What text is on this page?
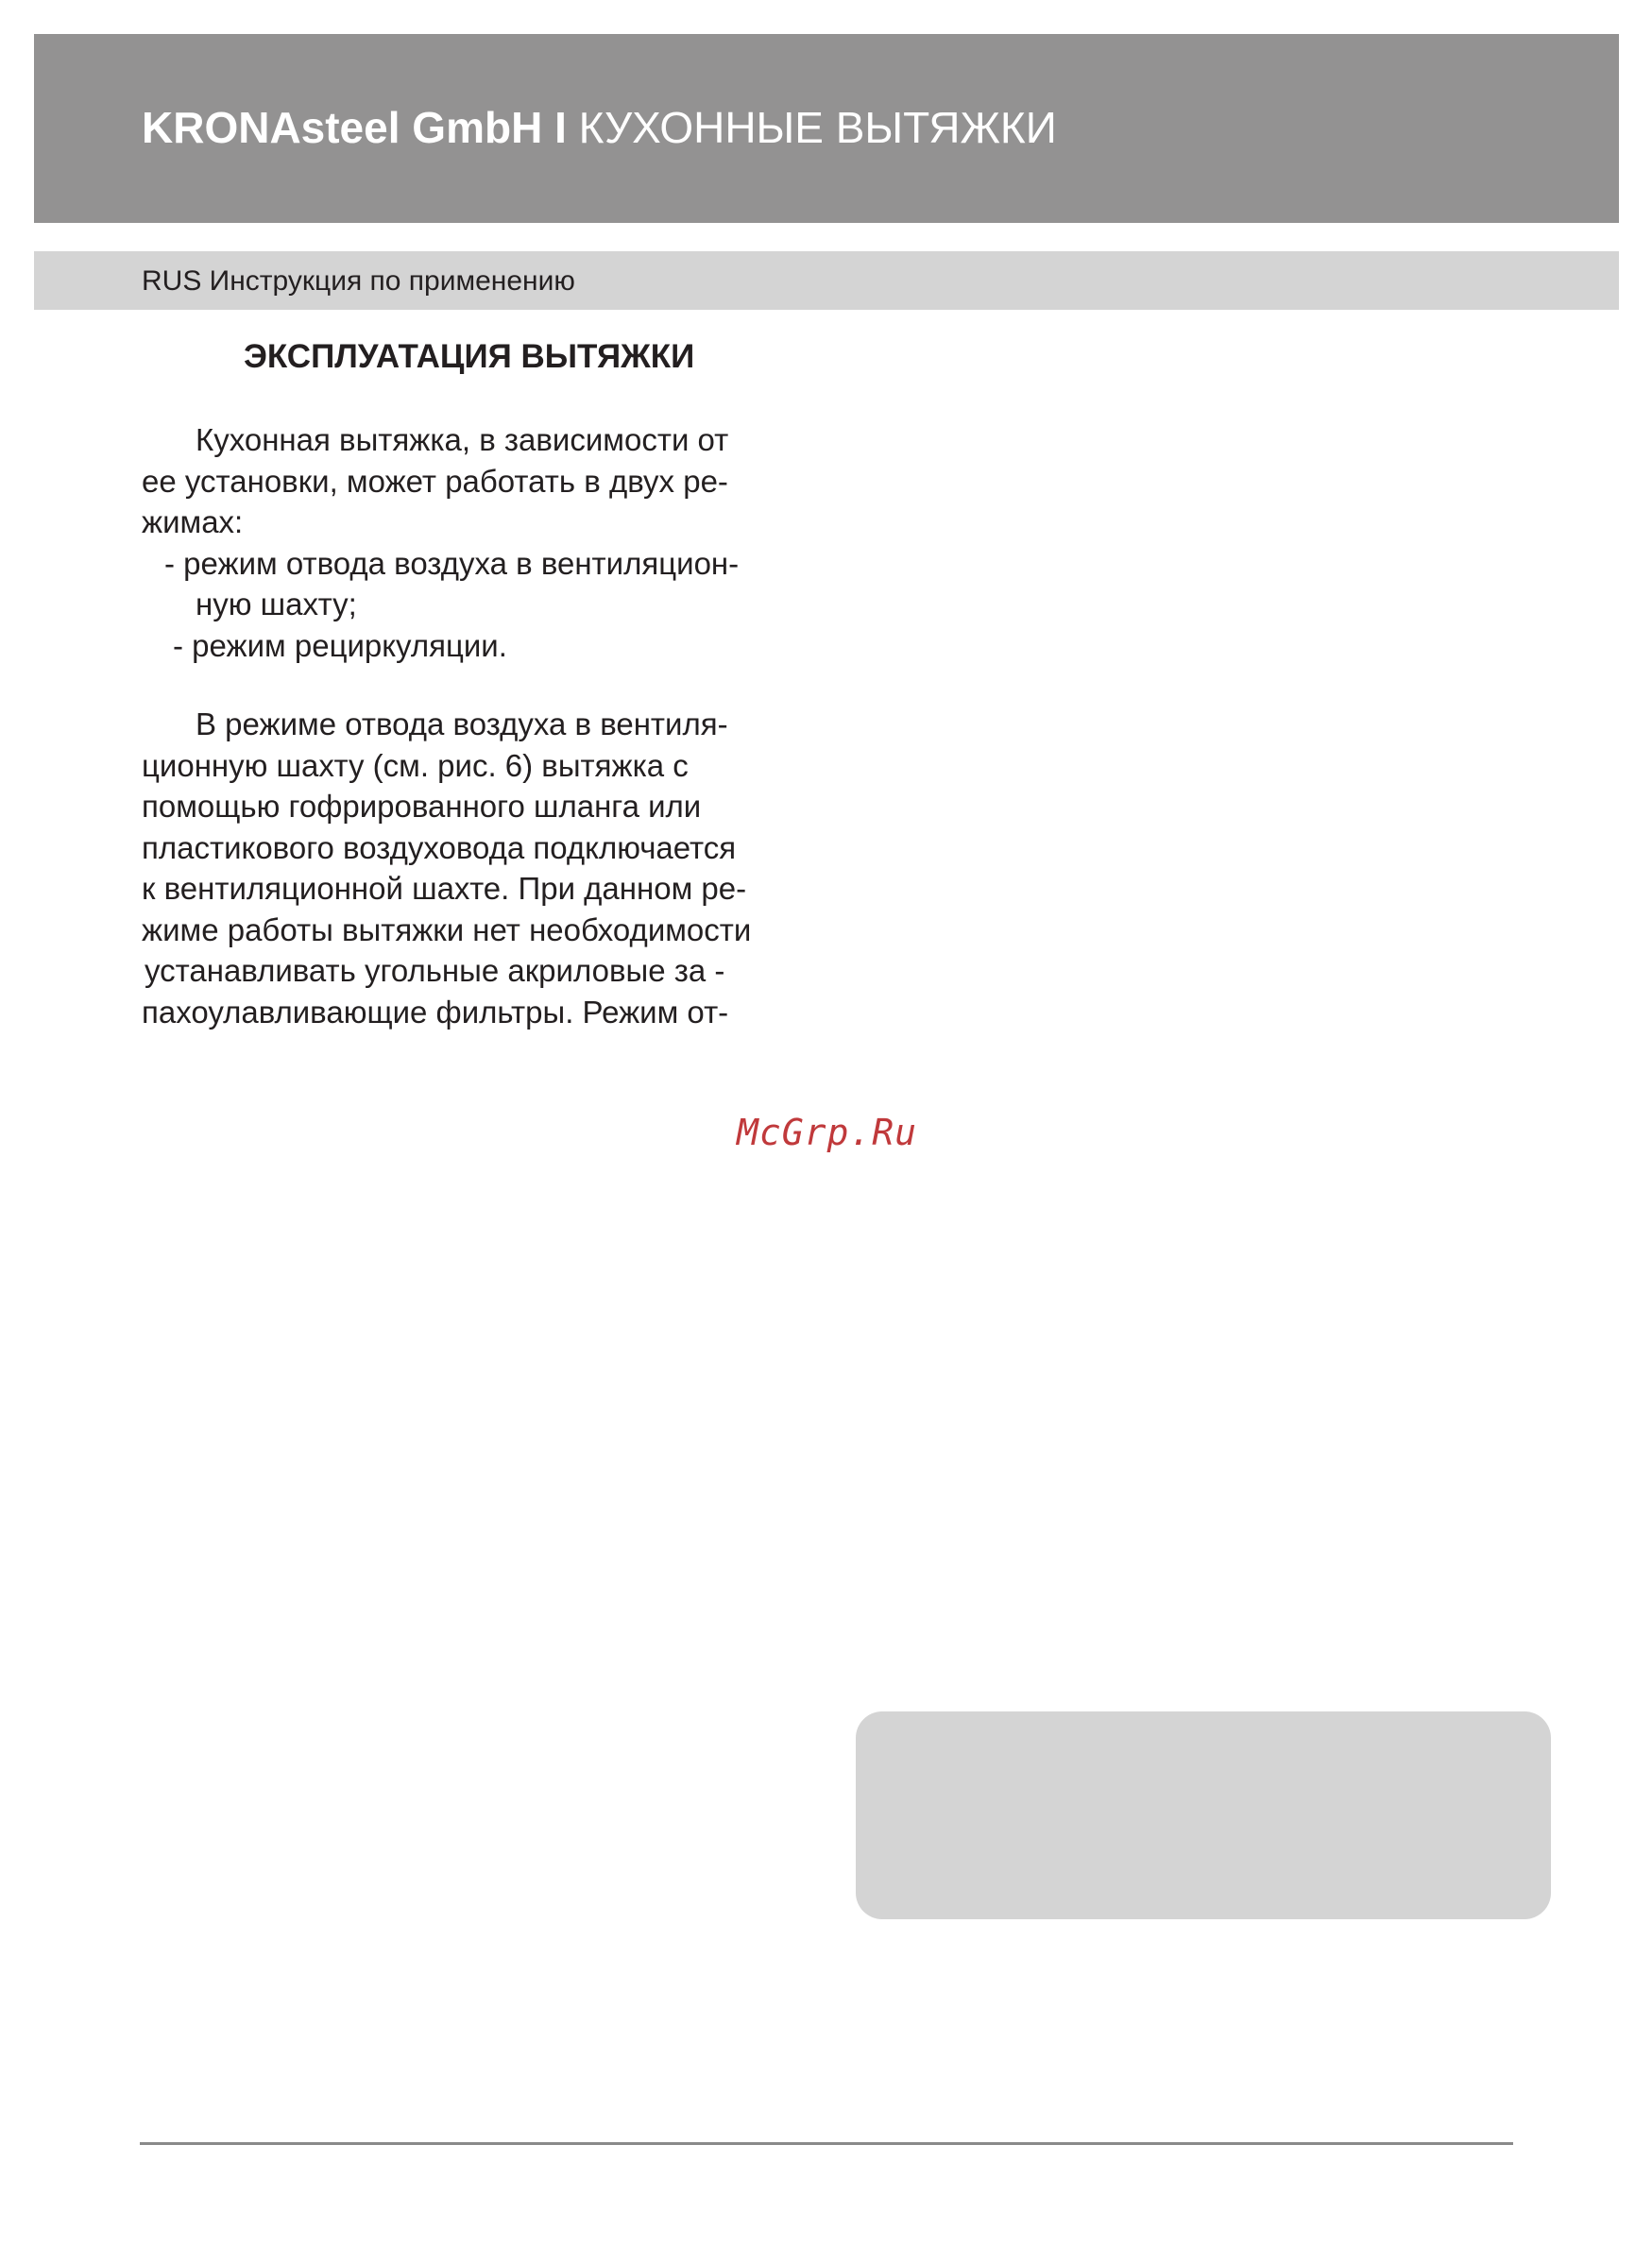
KRONAsteel GmbH I КУХОННЫЕ ВЫТЯЖКИ
RUS Инструкция по применению
ЭКСПЛУАТАЦИЯ ВЫТЯЖКИ
Кухонная вытяжка, в зависимости от
ее установки, может работать в двух ре-
жимах:
- режим отвода воздуха в вентиляцион-
ную шахту;
- режим рециркуляции.
В режиме отвода воздуха в вентиля-
ционную шахту (см. рис. 6) вытяжка с
помощью гофрированного шланга или
пластикового воздуховода подключается
к вентиляционной шахте. При данном ре-
жиме работы вытяжки нет необходимости
устанавливать угольные акриловые за -
пахоулавливающие фильтры. Режим от-
McGrp.Ru
